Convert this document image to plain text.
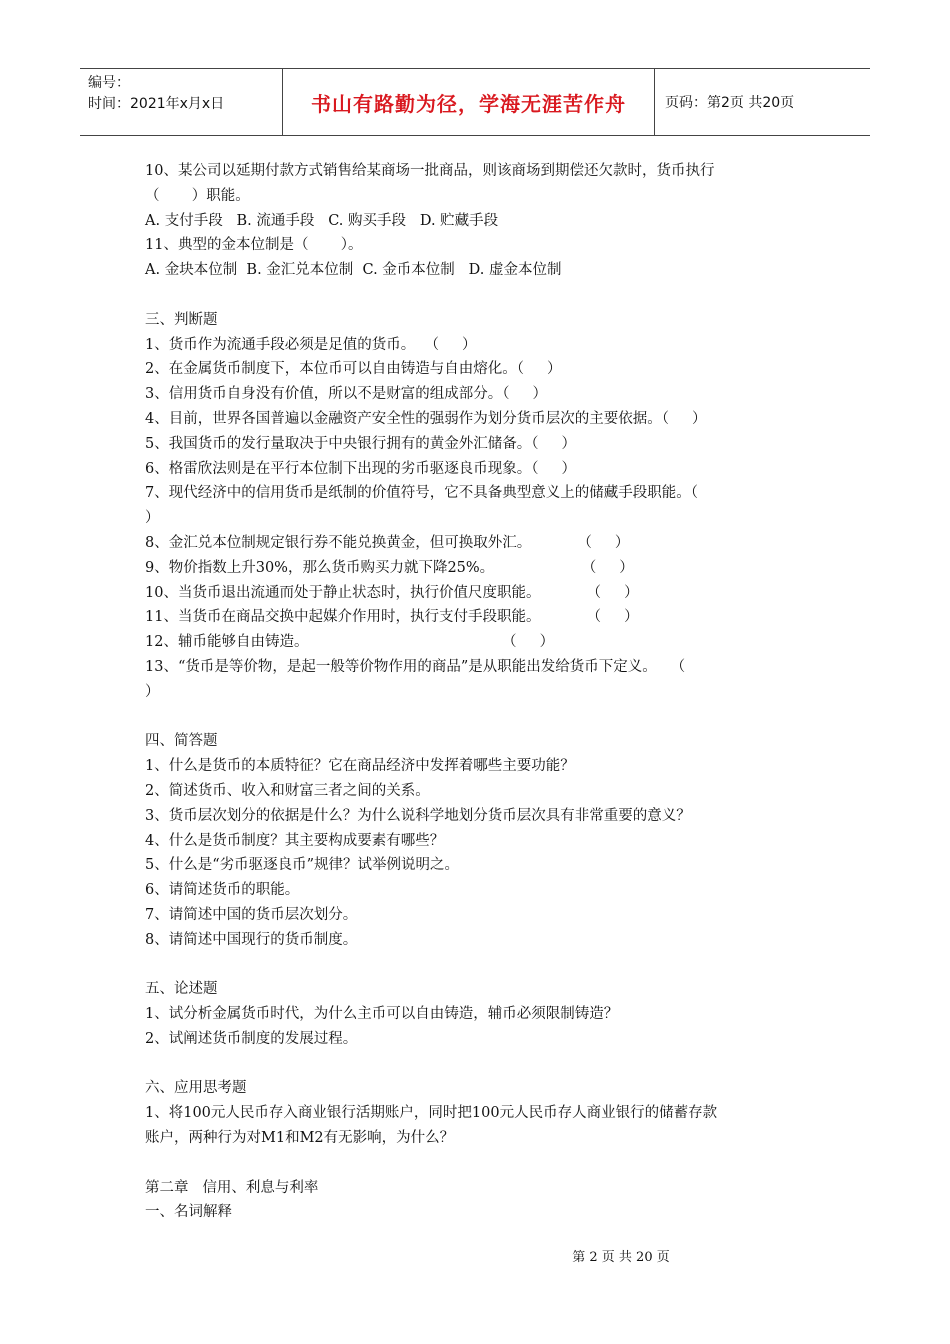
编号：
时间：2021年x月x日	书山有路勤为径，学海无涯苦作舟	页码：第2页 共20页
10、某公司以延期付款方式销售给某商场一批商品，则该商场到期偿还欠款时，货币执行
（       ）职能。
A. 支付手段   B. 流通手段   C. 购买手段   D. 贮藏手段
11、典型的金本位制是（       ）。
A. 金块本位制  B. 金汇兑本位制  C. 金币本位制   D. 虚金本位制
三、判断题
1、货币作为流通手段必须是足值的货币。  （     ）
2、在金属货币制度下，本位币可以自由铸造与自由熔化。（     ）
3、信用货币自身没有价值，所以不是财富的组成部分。（     ）
4、目前，世界各国普遍以金融资产安全性的强弱作为划分货币层次的主要依据。（     ）
5、我国货币的发行量取决于中央银行拥有的黄金外汇储备。（     ）
6、格雷欣法则是在平行本位制下出现的劣币驱逐良币现象。（     ）
7、现代经济中的信用货币是纸制的价值符号，它不具备典型意义上的储藏手段职能。（
）
8、金汇兑本位制规定银行券不能兑换黄金，但可换取外汇。          （     ）
9、物价指数上升30%，那么货币购买力就下降25%。                   （     ）
10、当货币退出流通而处于静止状态时，执行价值尺度职能。          （     ）
11、当货币在商品交换中起媒介作用时，执行支付手段职能。          （     ）
12、辅币能够自由铸造。                                          （     ）
13、“货币是等价物，是起一般等价物作用的商品”是从职能出发给货币下定义。   （
）
四、简答题
1、什么是货币的本质特征？它在商品经济中发挥着哪些主要功能？
2、简述货币、收入和财富三者之间的关系。
3、货币层次划分的依据是什么？为什么说科学地划分货币层次具有非常重要的意义？
4、什么是货币制度？其主要构成要素有哪些？
5、什么是“劣币驱逐良币”规律？试举例说明之。
6、请简述货币的职能。
7、请简述中国的货币层次划分。
8、请简述中国现行的货币制度。
五、论述题
1、试分析金属货币时代，为什么主币可以自由铸造，辅币必须限制铸造？
2、试阐述货币制度的发展过程。
六、应用思考题
1、将100元人民币存入商业银行活期账户，同时把100元人民币存人商业银行的储蓄存款
账户，两种行为对M1和M2有无影响，为什么？
第二章   信用、利息与利率
一、名词解释
第 2 页 共 20 页
